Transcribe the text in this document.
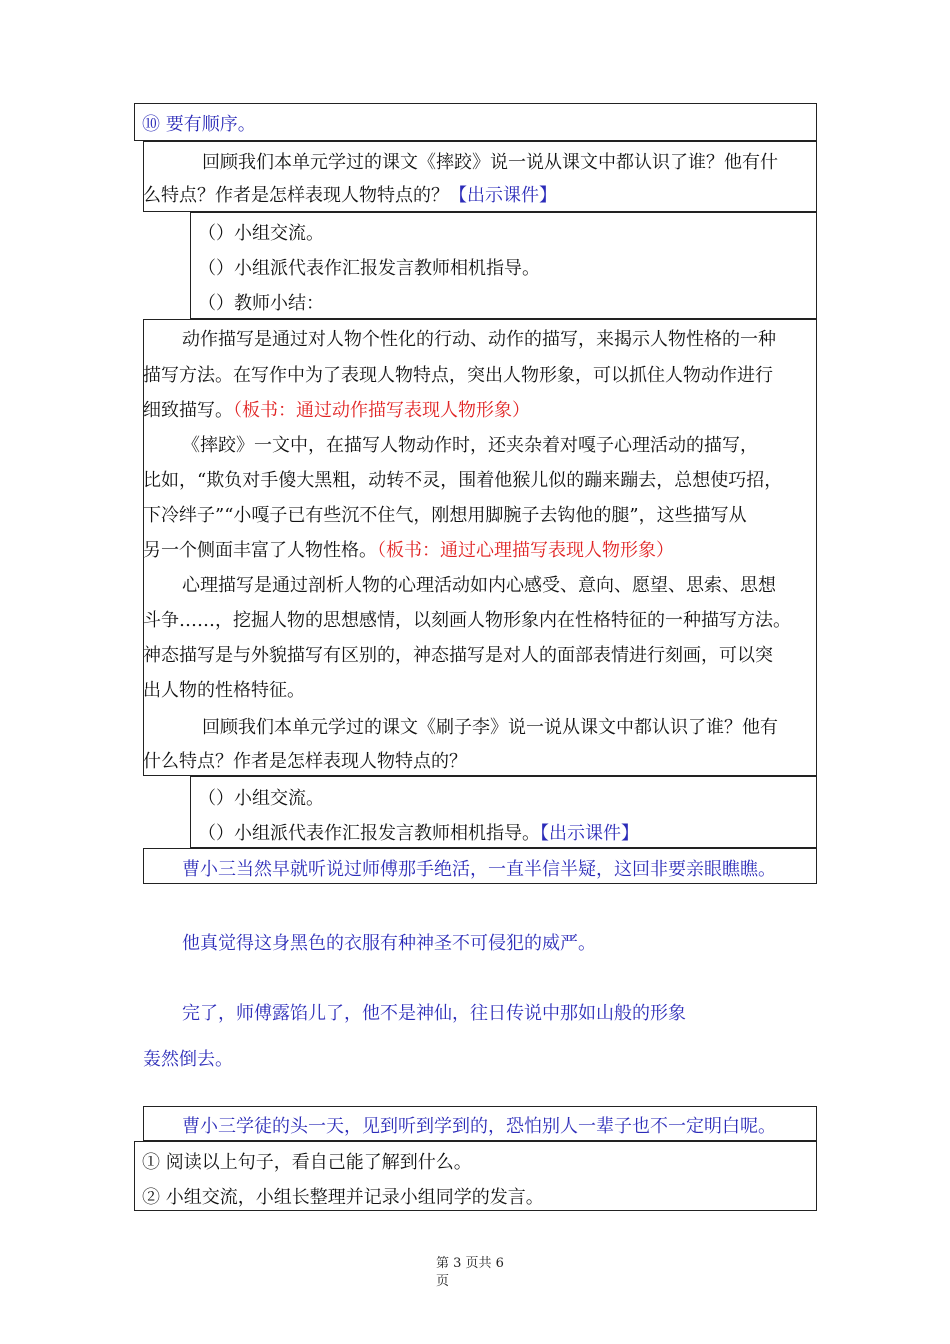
⑩ 要有顺序。
回顾我们本单元学过的课文《摔跤》说一说从课文中都认识了谁？他有什
么特点？作者是怎样表现人物特点的？【出示课件】
（）小组交流。
（）小组派代表作汇报发言教师相机指导。
（）教师小结：
动作描写是通过对人物个性化的行动、动作的描写，来揭示人物性格的一种
描写方法。在写作中为了表现人物特点，突出人物形象，可以抓住人物动作进行
细致描写。（板书：通过动作描写表现人物形象）
《摔跤》一文中，在描写人物动作时，还夹杂着对嘎子心理活动的描写，
比如，“欺负对手傻大黑粗，动转不灵，围着他猴儿似的蹦来蹦去，总想使巧招，
下冷绊子”“小嘎子已有些沉不住气，刚想用脚腕子去钩他的腿”，这些描写从
另一个侧面丰富了人物性格。（板书：通过心理描写表现人物形象）
心理描写是通过剖析人物的心理活动如内心感受、意向、愿望、思索、思想
斗争……，挖掘人物的思想感情，以刻画人物形象内在性格特征的一种描写方法。
神态描写是与外貌描写有区别的，神态描写是对人的面部表情进行刻画，可以突
出人物的性格特征。
回顾我们本单元学过的课文《刷子李》说一说从课文中都认识了谁？他有
什么特点？作者是怎样表现人物特点的？
（）小组交流。
（）小组派代表作汇报发言教师相机指导。【出示课件】
曹小三当然早就听说过师傅那手绝活，一直半信半疑，这回非要亲眼瞧瞧。
他真觉得这身黑色的衣服有种神圣不可侵犯的威严。
完了，师傅露馅儿了，他不是神仙，往日传说中那如山般的形象
轰然倒去。
曹小三学徒的头一天，见到听到学到的，恐怕别人一辈子也不一定明白呢。
① 阅读以上句子，看自己能了解到什么。
② 小组交流，小组长整理并记录小组同学的发言。
第 3 页共 6
页
